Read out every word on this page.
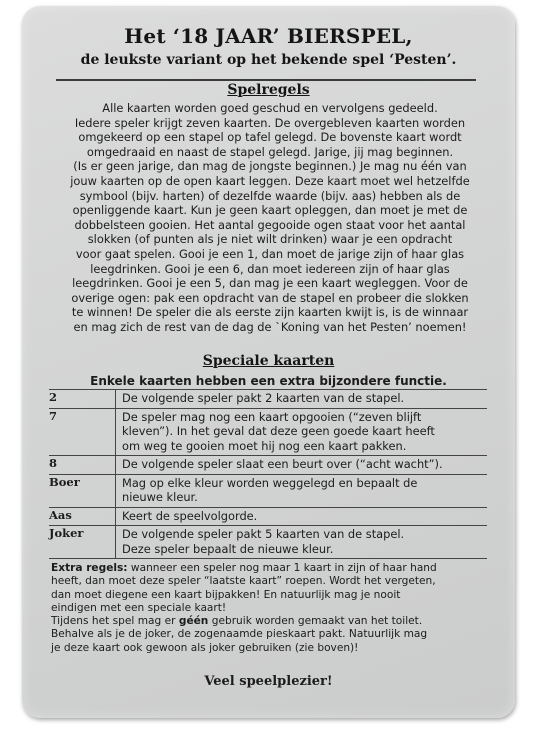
Het ‘18 JAAR’ BIERSPEL,
de leukste variant op het bekende spel ‘Pesten’.
Spelregels
Alle kaarten worden goed geschud en vervolgens gedeeld.
Iedere speler krijgt zeven kaarten. De overgebleven kaarten worden
omgekeerd op een stapel op tafel gelegd. De bovenste kaart wordt
omgedraaid en naast de stapel gelegd. Jarige, jij mag beginnen.
(Is er geen jarige, dan mag de jongste beginnen.) Je mag nu één van
jouw kaarten op de open kaart leggen. Deze kaart moet wel hetzelfde
symbool (bijv. harten) of dezelfde waarde (bijv. aas) hebben als de
openliggende kaart. Kun je geen kaart opleggen, dan moet je met de
dobbelsteen gooien. Het aantal gegooide ogen staat voor het aantal
slokken (of punten als je niet wilt drinken) waar je een opdracht
voor gaat spelen. Gooi je een 1, dan moet de jarige zijn of haar glas
leegdrinken. Gooi je een 6, dan moet iedereen zijn of haar glas
leegdrinken. Gooi je een 5, dan mag je een kaart wegleggen. Voor de
overige ogen: pak een opdracht van de stapel en probeer die slokken
te winnen! De speler die als eerste zijn kaarten kwijt is, is de winnaar
en mag zich de rest van de dag de `Koning van het Pesten’ noemen!
Speciale kaarten
Enkele kaarten hebben een extra bijzondere functie.
2	De volgende speler pakt 2 kaarten van de stapel.
7	De speler mag nog een kaart opgooien (“zeven blijft
kleven”). In het geval dat deze geen goede kaart heeft
om weg te gooien moet hij nog een kaart pakken.
8	De volgende speler slaat een beurt over (“acht wacht”).
Boer	Mag op elke kleur worden weggelegd en bepaalt de
nieuwe kleur.
Aas	Keert de speelvolgorde.
Joker	De volgende speler pakt 5 kaarten van de stapel.
Deze speler bepaalt de nieuwe kleur.
Extra regels: wanneer een speler nog maar 1 kaart in zijn of haar hand
heeft, dan moet deze speler “laatste kaart” roepen. Wordt het vergeten,
dan moet diegene een kaart bijpakken! En natuurlijk mag je nooit
eindigen met een speciale kaart!
Tijdens het spel mag er géén gebruik worden gemaakt van het toilet.
Behalve als je de joker, de zogenaamde pieskaart pakt. Natuurlijk mag
je deze kaart ook gewoon als joker gebruiken (zie boven)!
Veel speelplezier!
